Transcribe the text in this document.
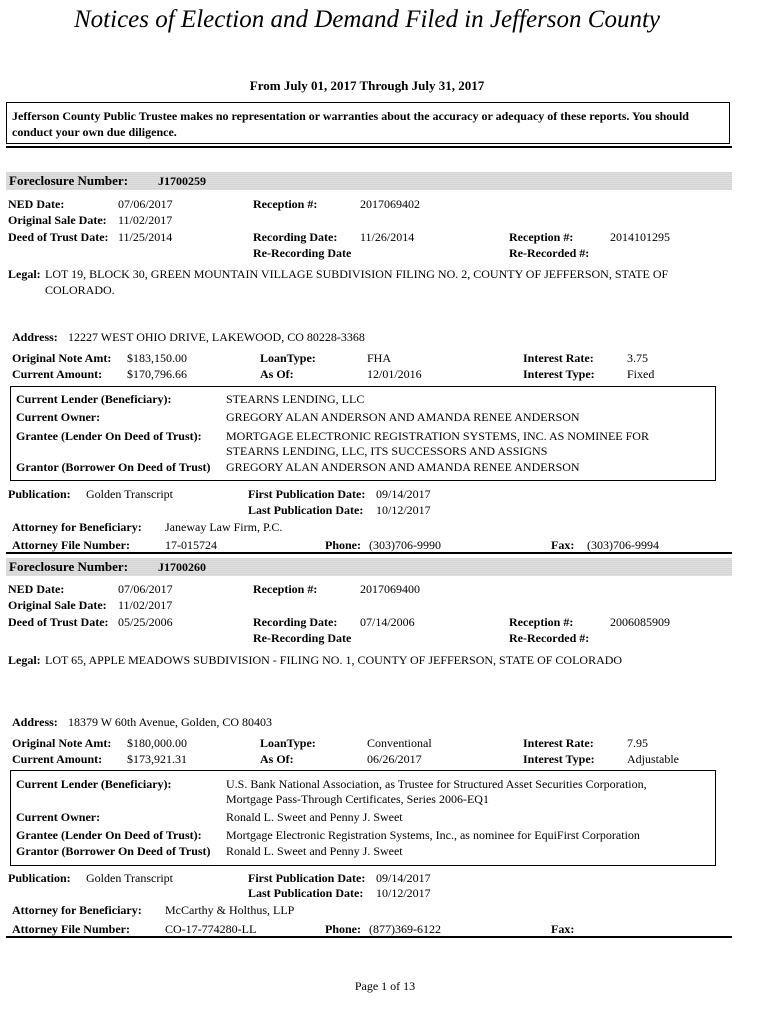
Notices of Election and Demand Filed in Jefferson County
From July 01, 2017 Through July 31, 2017
Jefferson County Public Trustee makes no representation or warranties about the accuracy or adequacy of these reports. You should conduct your own due diligence.
Foreclosure Number: J1700259
NED Date:	07/06/2017
Original Sale Date: 11/02/2017
Deed of Trust Date: 11/25/2014
Reception #:	2017069402
Recording Date: 11/26/2014
Re-Recording Date
Reception #:	2014101295
Re-Recorded #:
Legal: LOT 19, BLOCK 30, GREEN MOUNTAIN VILLAGE SUBDIVISION FILING NO. 2, COUNTY OF JEFFERSON, STATE OF
COLORADO.
Address: 12227 WEST OHIO DRIVE, LAKEWOOD, CO 80228-3368
Original Note Amt: $183,150.00
Current Amount: $170,796.66
LoanType:	FHA
As Of:	12/01/2016
Interest Rate:	3.75
Interest Type:	Fixed
Current Lender (Beneficiary):	STEARNS LENDING, LLC
Current Owner:	GREGORY ALAN ANDERSON AND AMANDA RENEE ANDERSON
Grantee (Lender On Deed of Trust): MORTGAGE ELECTRONIC REGISTRATION SYSTEMS, INC. AS NOMINEE FOR
STEARNS LENDING, LLC, ITS SUCCESSORS AND ASSIGNS
Grantor (Borrower On Deed of Trust) GREGORY ALAN ANDERSON AND AMANDA RENEE ANDERSON
Publication: Golden Transcript	First Publication Date: 09/14/2017
Last Publication Date: 10/12/2017
Attorney for Beneficiary: Janeway Law Firm, P.C.
Attorney File Number:	17-015724	Phone: (303)706-9990	Fax: (303)706-9994
Foreclosure Number: J1700260
NED Date:	07/06/2017
Original Sale Date: 11/02/2017
Deed of Trust Date: 05/25/2006
Reception #:	2017069400
Recording Date: 07/14/2006
Re-Recording Date
Reception #:	2006085909
Re-Recorded #:
Legal: LOT 65, APPLE MEADOWS SUBDIVISION - FILING NO. 1, COUNTY OF JEFFERSON, STATE OF COLORADO
Address: 18379 W 60th Avenue, Golden, CO 80403
Original Note Amt: $180,000.00
Current Amount: $173,921.31
LoanType:	Conventional
As Of:	06/26/2017
Interest Rate:	7.95
Interest Type:	Adjustable
Current Lender (Beneficiary):	U.S. Bank National Association, as Trustee for Structured Asset Securities Corporation,
Mortgage Pass-Through Certificates, Series 2006-EQ1
Current Owner:	Ronald L. Sweet and Penny J. Sweet
Grantee (Lender On Deed of Trust): Mortgage Electronic Registration Systems, Inc., as nominee for EquiFirst Corporation
Grantor (Borrower On Deed of Trust) Ronald L. Sweet and Penny J. Sweet
Publication: Golden Transcript	First Publication Date: 09/14/2017
Last Publication Date: 10/12/2017
Attorney for Beneficiary: McCarthy & Holthus, LLP
Attorney File Number:	CO-17-774280-LL	Phone: (877)369-6122	Fax:
Page 1 of 13
